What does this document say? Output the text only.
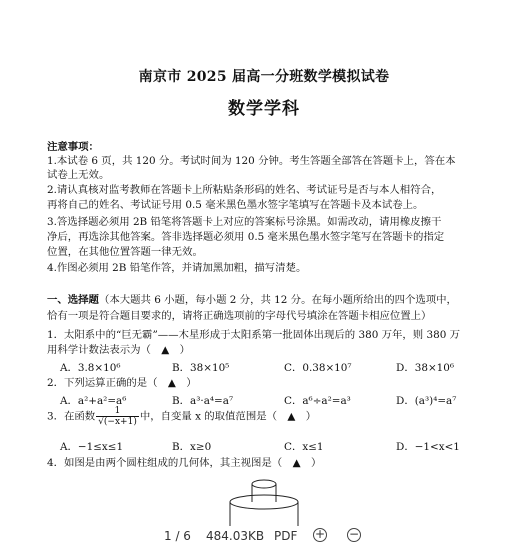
南京市 2025 届高一分班数学模拟试卷
数学学科
注意事项：
1.本试卷 6 页，共 120 分。考试时间为 120 分钟。考生答题全部答在答题卡上，答在本
试卷上无效。
2.请认真核对监考教师在答题卡上所粘贴条形码的姓名、考试证号是否与本人相符合，
再将自己的姓名、考试证号用 0.5 毫米黑色墨水签字笔填写在答题卡及本试卷上。
3.答选择题必须用 2B 铅笔将答题卡上对应的答案标号涂黑。如需改动，请用橡皮擦干
净后，再选涂其他答案。答非选择题必须用 0.5 毫米黑色墨水签字笔写在答题卡的指定
位置，在其他位置答题一律无效。
4.作图必须用 2B 铅笔作答，并请加黑加粗，描写清楚。
一、选择题（本大题共 6 小题，每小题 2 分，共 12 分。在每小题所给出的四个选项中，
恰有一项是符合题目要求的，请将正确选项前的字母代号填涂在答题卡相应位置上）
1．太阳系中的“巨无霸”——木星形成于太阳系第一批固体出现后的 380 万年，则 380 万
用科学计数法表示为（　▲　）
A．3.8×10⁶	B．38×10⁵	C．0.38×10⁷	D．38×10⁶
2．下列运算正确的是（　▲　）
A．a²+a²=a⁶	B．a³·a⁴=a⁷	C．a⁶÷a²=a³	D．(a³)⁴=a⁷
3．在函数 $\frac{1}{√(-x+1)}$ 中，自变量 x 的取值范围是（　▲　）
A．−1≤x≤1	B．x≥0	C．x≤1	D．−1<x<1
4．如图是由两个圆柱组成的几何体，其主视图是（　▲　）
1 / 6 484.03KB PDF + −
